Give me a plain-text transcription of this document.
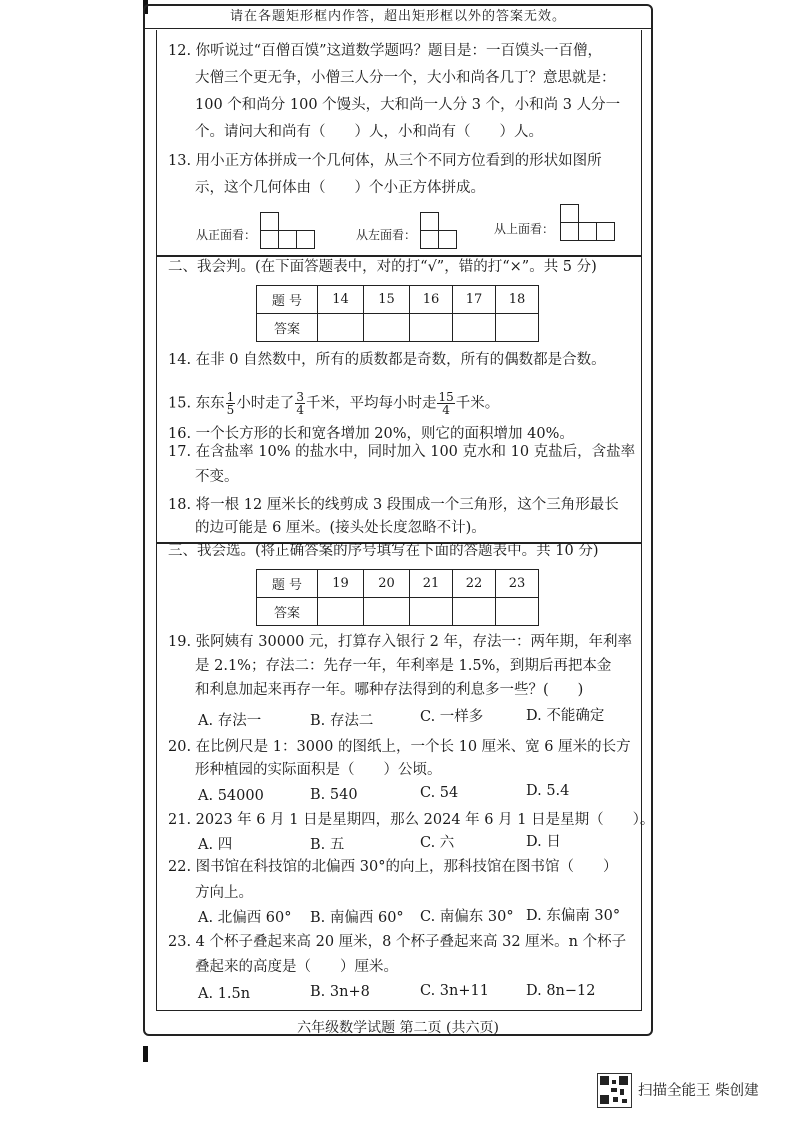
请在各题矩形框内作答，超出矩形框以外的答案无效。
12. 你听说过“百僧百馍”这道数学题吗？题目是：一百馍头一百僧，
大僧三个更无争，小僧三人分一个，大小和尚各几丁？意思就是：
100 个和尚分 100 个馒头，大和尚一人分 3 个，小和尚 3 人分一
个。请问大和尚有（　　）人，小和尚有（　　）人。
13. 用小正方体拼成一个几何体，从三个不同方位看到的形状如图所
示，这个几何体由（　　）个小正方体拼成。
从正面看：	从左面看：	从上面看：
二、我会判。(在下面答题表中，对的打“√”，错的打“×”。共 5 分)
题 号	14	15	16	17	18
答案					
14. 在非 0 自然数中，所有的质数都是奇数，所有的偶数都是合数。
15. 东东 $\frac{1}{5}$ 小时走了 $\frac{3}{4}$ 千米，平均每小时走 $\frac{15}{4}$ 千米。
16. 一个长方形的长和宽各增加 20%，则它的面积增加 40%。
17. 在含盐率 10% 的盐水中，同时加入 100 克水和 10 克盐后，含盐率
不变。
18. 将一根 12 厘米长的线剪成 3 段围成一个三角形，这个三角形最长
的边可能是 6 厘米。(接头处长度忽略不计)。
三、我会选。(将正确答案的序号填写在下面的答题表中。共 10 分)
题 号	19	20	21	22	23
答案					
19. 张阿姨有 30000 元，打算存入银行 2 年，存法一：两年期，年利率
是 2.1%；存法二：先存一年，年利率是 1.5%，到期后再把本金
和利息加起来再存一年。哪种存法得到的利息多一些？(　　)
A. 存法一	B. 存法二	C. 一样多	D. 不能确定
20. 在比例尺是 1：3000 的图纸上，一个长 10 厘米、宽 6 厘米的长方
形种植园的实际面积是（　　）公顷。
A. 54000	B. 540	C. 54	D. 5.4
21. 2023 年 6 月 1 日是星期四，那么 2024 年 6 月 1 日是星期（　　）。
A. 四	B. 五	C. 六	D. 日
22. 图书馆在科技馆的北偏西 30°的向上，那科技馆在图书馆（　　）
方向上。
A. 北偏西 60° B. 南偏西 60° C. 南偏东 30° D. 东偏南 30°
23. 4 个杯子叠起来高 20 厘米，8 个杯子叠起来高 32 厘米。n 个杯子
叠起来的高度是（　　）厘米。
A. 1.5n	B. 3n+8	C. 3n+11	D. 8n−12
六年级数学试题 第二页 (共六页)
扫描全能王 柴创建
